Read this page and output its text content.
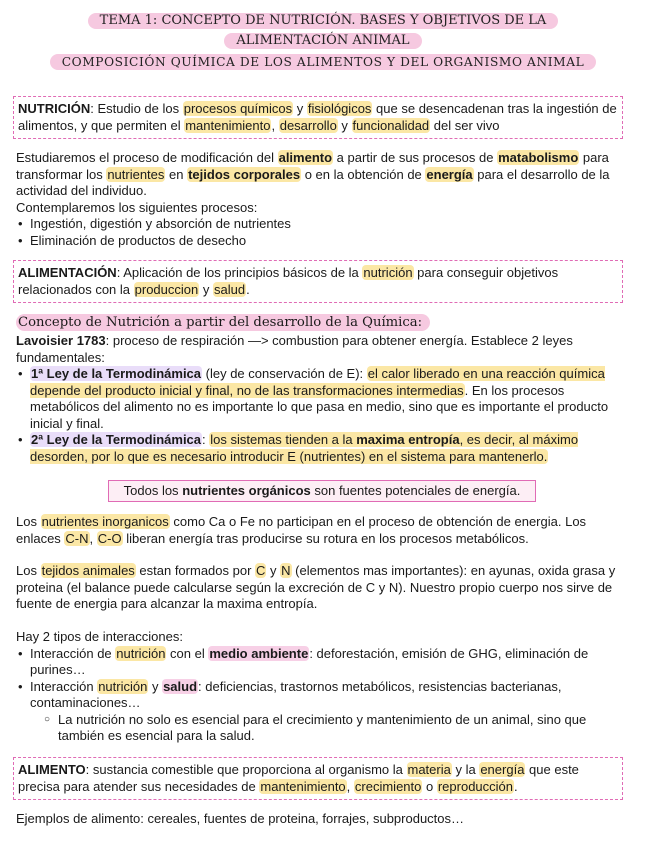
TEMA 1: CONCEPTO DE NUTRICIÓN. BASES Y OBJETIVOS DE LA
ALIMENTACIÓN ANIMAL
COMPOSICIÓN QUÍMICA DE LOS ALIMENTOS Y DEL ORGANISMO ANIMAL
NUTRICIÓN: Estudio de los procesos químicos y fisiológicos que se desencadenan tras la ingestión de alimentos, y que permiten el mantenimiento, desarrollo y funcionalidad del ser vivo
Estudiaremos el proceso de modificación del alimento a partir de sus procesos de matabolismo para transformar los nutrientes en tejidos corporales o en la obtención de energía para el desarrollo de la actividad del individuo.
Contemplaremos los siguientes procesos:
• Ingestión, digestión y absorción de nutrientes
• Eliminación de productos de desecho
ALIMENTACIÓN: Aplicación de los principios básicos de la nutrición para conseguir objetivos relacionados con la produccion y salud.
Concepto de Nutrición a partir del desarrollo de la Química:
Lavoisier 1783: proceso de respiración —> combustion para obtener energía. Establece 2 leyes fundamentales:
• 1ª Ley de la Termodinámica (ley de conservación de E): el calor liberado en una reacción química depende del producto inicial y final, no de las transformaciones intermedias. En los procesos metabólicos del alimento no es importante lo que pasa en medio, sino que es importante el producto inicial y final.
• 2ª Ley de la Termodinámica: los sistemas tienden a la maxima entropía, es decir, al máximo desorden, por lo que es necesario introducir E (nutrientes) en el sistema para mantenerlo.
Todos los nutrientes orgánicos son fuentes potenciales de energía.
Los nutrientes inorganicos como Ca o Fe no participan en el proceso de obtención de energia. Los enlaces C-N, C-O liberan energía tras producirse su rotura en los procesos metabólicos.
Los tejidos animales estan formados por C y N (elementos mas importantes): en ayunas, oxida grasa y proteina (el balance puede calcularse según la excreción de C y N). Nuestro propio cuerpo nos sirve de fuente de energia para alcanzar la maxima entropía.
Hay 2 tipos de interacciones:
• Interacción de nutrición con el medio ambiente: deforestación, emisión de GHG, eliminación de purines…
• Interacción nutrición y salud: deficiencias, trastornos metabólicos, resistencias bacterianas, contaminaciones…
○ La nutrición no solo es esencial para el crecimiento y mantenimiento de un animal, sino que también es esencial para la salud.
ALIMENTO: sustancia comestible que proporciona al organismo la materia y la energía que este precisa para atender sus necesidades de mantenimiento, crecimiento o reproducción.
Ejemplos de alimento: cereales, fuentes de proteina, forrajes, subproductos…
